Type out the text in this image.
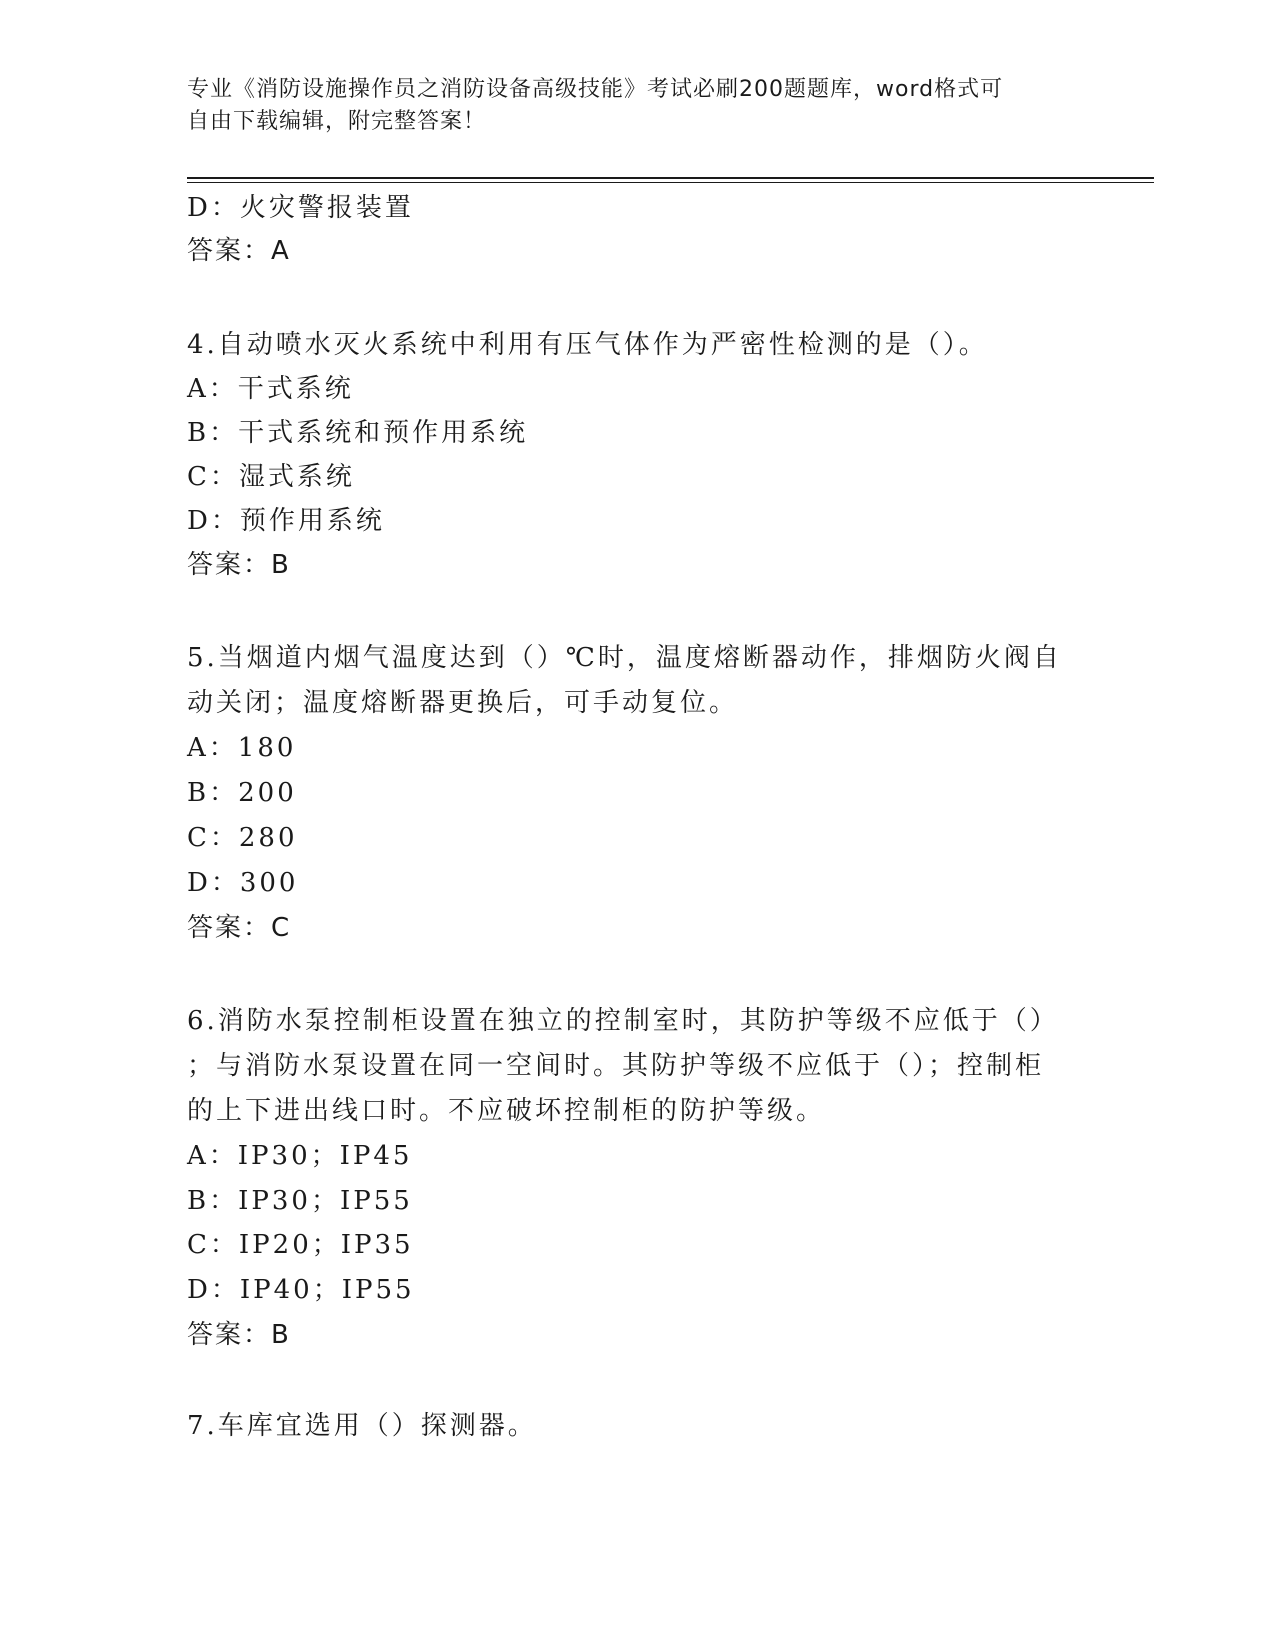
专业《消防设施操作员之消防设备高级技能》考试必刷200题题库，word格式可
自由下载编辑，附完整答案！
D：火灾警报装置
答案：A
4.自动喷水灭火系统中利用有压气体作为严密性检测的是（）。
A：干式系统
B：干式系统和预作用系统
C：湿式系统
D：预作用系统
答案：B
5.当烟道内烟气温度达到（）℃时，温度熔断器动作，排烟防火阀自
动关闭；温度熔断器更换后，可手动复位。
A：180
B：200
C：280
D：300
答案：C
6.消防水泵控制柜设置在独立的控制室时，其防护等级不应低于（）
；与消防水泵设置在同一空间时。其防护等级不应低于（）；控制柜
的上下进出线口时。不应破坏控制柜的防护等级。
A：IP30；IP45
B：IP30；IP55
C：IP20；IP35
D：IP40；IP55
答案：B
7.车库宜选用（）探测器。
